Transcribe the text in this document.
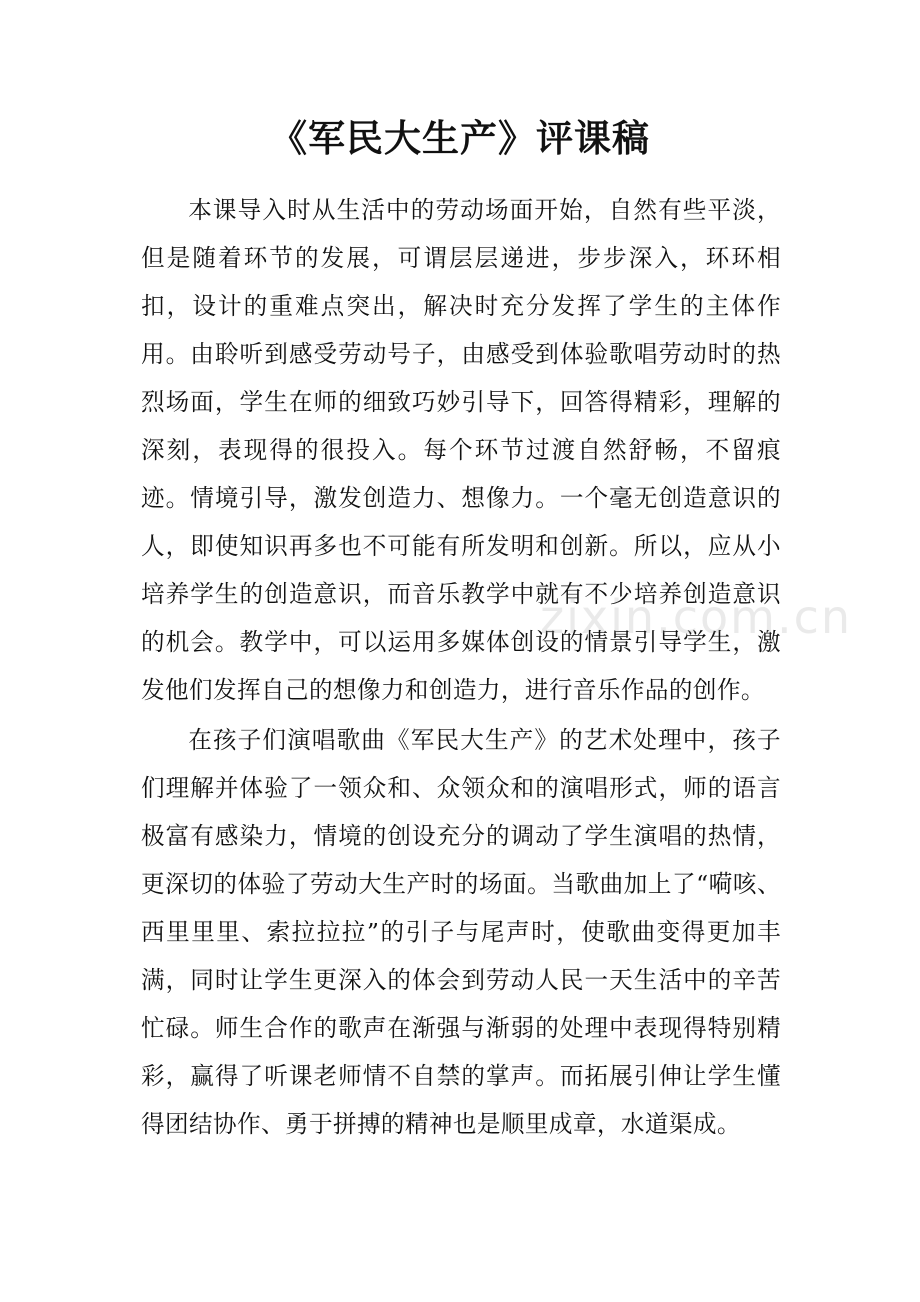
《军民大生产》评课稿

本课导入时从生活中的劳动场面开始，自然有些平淡，但是随着环节的发展，可谓层层递进，步步深入，环环相扣，设计的重难点突出，解决时充分发挥了学生的主体作用。由聆听到感受劳动号子，由感受到体验歌唱劳动时的热烈场面，学生在师的细致巧妙引导下，回答得精彩，理解的深刻，表现得的很投入。每个环节过渡自然舒畅，不留痕迹。情境引导，激发创造力、想像力。一个毫无创造意识的人，即使知识再多也不可能有所发明和创新。所以，应从小培养学生的创造意识，而音乐教学中就有不少培养创造意识的机会。教学中，可以运用多媒体创设的情景引导学生，激发他们发挥自己的想像力和创造力，进行音乐作品的创作。

在孩子们演唱歌曲《军民大生产》的艺术处理中，孩子们理解并体验了一领众和、众领众和的演唱形式，师的语言极富有感染力，情境的创设充分的调动了学生演唱的热情，更深切的体验了劳动大生产时的场面。当歌曲加上了“嗬咳、西里里里、索拉拉拉”的引子与尾声时，使歌曲变得更加丰满，同时让学生更深入的体会到劳动人民一天生活中的辛苦忙碌。师生合作的歌声在渐强与渐弱的处理中表现得特别精彩，赢得了听课老师情不自禁的掌声。而拓展引伸让学生懂得团结协作、勇于拼搏的精神也是顺里成章，水道渠成。

zixin.com.cn
